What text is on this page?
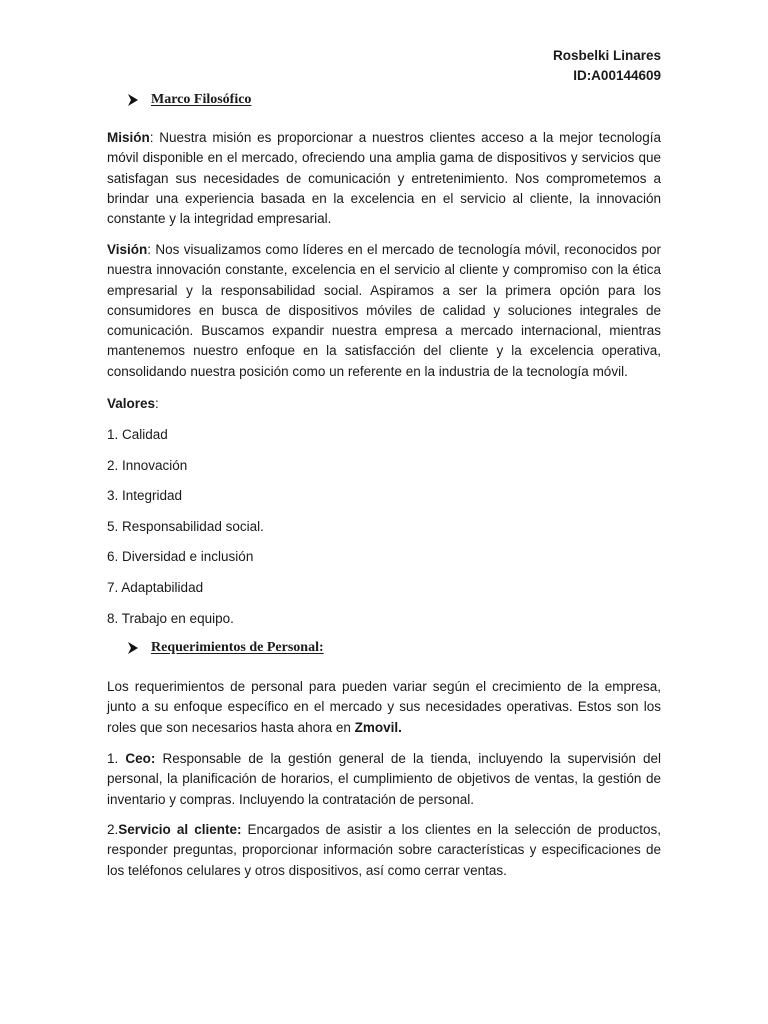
Rosbelki Linares
ID:A00144609
Marco Filosófico

Misión: Nuestra misión es proporcionar a nuestros clientes acceso a la mejor tecnología móvil disponible en el mercado, ofreciendo una amplia gama de dispositivos y servicios que satisfagan sus necesidades de comunicación y entretenimiento. Nos comprometemos a brindar una experiencia basada en la excelencia en el servicio al cliente, la innovación constante y la integridad empresarial.

Visión: Nos visualizamos como líderes en el mercado de tecnología móvil, reconocidos por nuestra innovación constante, excelencia en el servicio al cliente y compromiso con la ética empresarial y la responsabilidad social. Aspiramos a ser la primera opción para los consumidores en busca de dispositivos móviles de calidad y soluciones integrales de comunicación. Buscamos expandir nuestra empresa a mercado internacional, mientras mantenemos nuestro enfoque en la satisfacción del cliente y la excelencia operativa, consolidando nuestra posición como un referente en la industria de la tecnología móvil.

Valores:

1. Calidad
2. Innovación
3. Integridad
5. Responsabilidad social.
6. Diversidad e inclusión
7. Adaptabilidad
8. Trabajo en equipo.
Requerimientos de Personal:

Los requerimientos de personal para pueden variar según el crecimiento de la empresa, junto a su enfoque específico en el mercado y sus necesidades operativas. Estos son los roles que son necesarios hasta ahora en Zmovil.

1. Ceo: Responsable de la gestión general de la tienda, incluyendo la supervisión del personal, la planificación de horarios, el cumplimiento de objetivos de ventas, la gestión de inventario y compras. Incluyendo la contratación de personal.

2.Servicio al cliente: Encargados de asistir a los clientes en la selección de productos, responder preguntas, proporcionar información sobre características y especificaciones de los teléfonos celulares y otros dispositivos, así como cerrar ventas.
